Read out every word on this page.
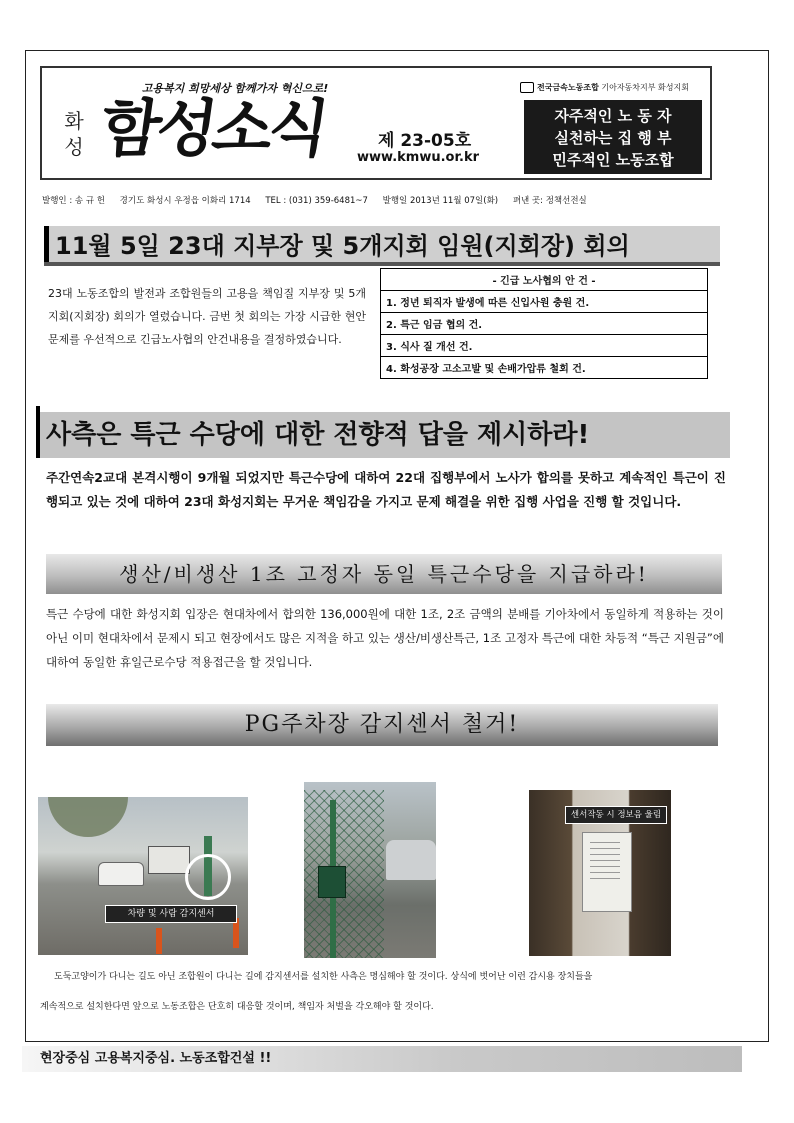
고용복지 희망세상 함께가자 혁신으로!
화성 함성소식	제 23-05호
www.kmwu.or.kr
전국금속노동조합 기아자동차지부 화성지회
자주적인 노 동 자
실천하는 집 행 부
민주적인 노동조합
발행인 : 송 규 헌 경기도 화성시 우정읍 이화리 1714 TEL : (031) 359-6481~7 발행일 2013년 11월 07일(화) 펴낸 곳: 정책선전실
11월 5일 23대 지부장 및 5개지회 임원(지회장) 회의
23대 노동조합의 발전과 조합원들의 고용을 책임질 지부장 및 5개지회(지회장) 회의가 열렸습니다. 금번 첫 회의는 가장 시급한 현안문제를 우선적으로 긴급노사협의 안건내용을 결정하였습니다.
- 긴급 노사협의 안 건 -
1. 정년 퇴직자 발생에 따른 신입사원 충원 건.
2. 특근 임금 협의 건.
3. 식사 질 개선 건.
4. 화성공장 고소고발 및 손배가압류 철회 건.
사측은 특근 수당에 대한 전향적 답을 제시하라!
주간연속2교대 본격시행이 9개월 되었지만 특근수당에 대하여 22대 집행부에서 노사가 합의를 못하고 계속적인 특근이 진행되고 있는 것에 대하여 23대 화성지회는 무거운 책임감을 가지고 문제 해결을 위한 집행 사업을 진행 할 것입니다.
생산/비생산 1조 고정자 동일 특근수당을 지급하라!
특근 수당에 대한 화성지회 입장은 현대차에서 합의한 136,000원에 대한 1조, 2조 금액의 분배를 기아차에서 동일하게 적용하는 것이 아닌 이미 현대차에서 문제시 되고 현장에서도 많은 지적을 하고 있는 생산/비생산특근, 1조 고정자 특근에 대한 차등적 “특근 지원금”에 대하여 동일한 휴일근로수당 적용접근을 할 것입니다.
PG주차장 감지센서 철거!
차량 및 사람 감지센서
센서작동 시 정보음 울림
도둑고양이가 다니는 길도 아닌 조합원이 다니는 길에 감지센서를 설치한 사측은 명심해야 할 것이다. 상식에 벗어난 이런 감시용 장치들을
계속적으로 설치한다면 앞으로 노동조합은 단호히 대응할 것이며, 책임자 처벌을 각오해야 할 것이다.
현장중심 고용복지중심. 노동조합건설 !!
